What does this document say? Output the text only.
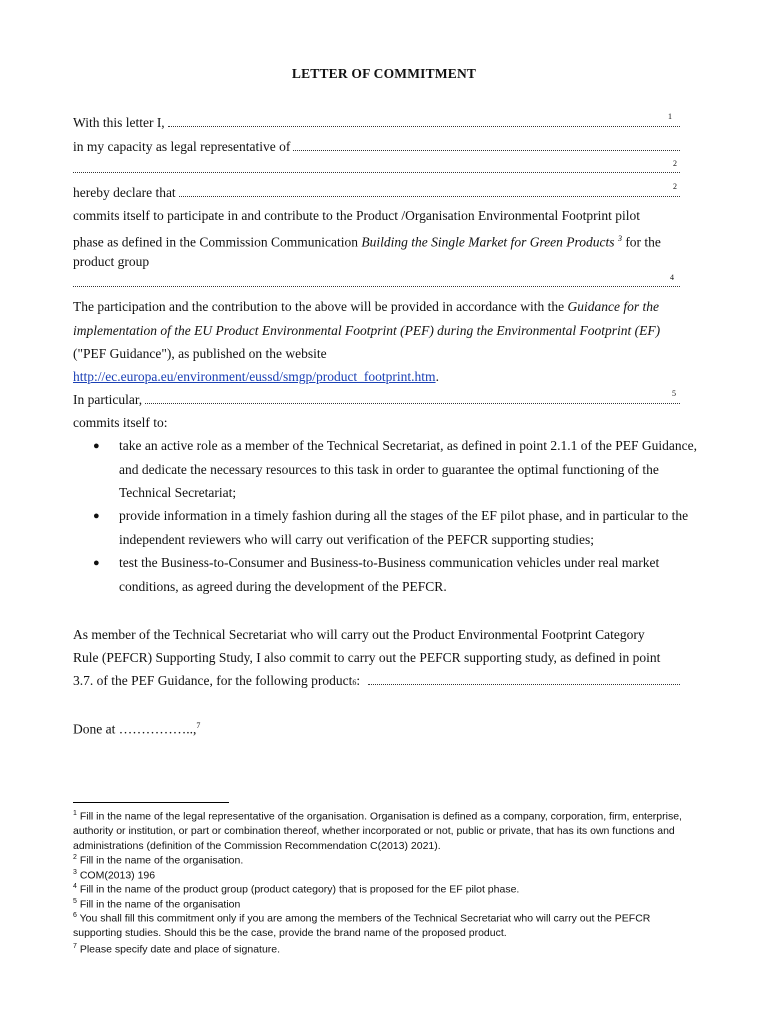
LETTER OF COMMITMENT
With this letter I,	1
in my capacity as legal representative of
2
hereby declare that	2
commits itself to participate in and contribute to the Product /Organisation Environmental Footprint pilot
phase as defined in the Commission Communication Building the Single Market for Green Products $^3$ for the
product group
4
The participation and the contribution to the above will be provided in accordance with the Guidance for the
implementation of the EU Product Environmental Footprint (PEF) during the Environmental Footprint (EF)
("PEF Guidance"), as published on the website
http://ec.europa.eu/environment/eussd/smgp/product_footprint.htm.
In particular,	5
commits itself to:
● take an active role as a member of the Technical Secretariat, as defined in point 2.1.1 of the PEF Guidance, and dedicate the necessary resources to this task in order to guarantee the optimal functioning of the Technical Secretariat;
● provide information in a timely fashion during all the stages of the EF pilot phase, and in particular to the independent reviewers who will carry out verification of the PEFCR supporting studies;
● test the Business-to-Consumer and Business-to-Business communication vehicles under real market conditions, as agreed during the development of the PEFCR.
As member of the Technical Secretariat who will carry out the Product Environmental Footprint Category
Rule (PEFCR) Supporting Study, I also commit to carry out the PEFCR supporting study, as defined in point
3.7. of the PEF Guidance, for the following product 6 :
Done at ……………..,$^7$
$^1$ Fill in the name of the legal representative of the organisation. Organisation is defined as a company, corporation, firm, enterprise, authority or institution, or part or combination thereof, whether incorporated or not, public or private, that has its own functions and administrations (definition of the Commission Recommendation C(2013) 2021).
$^2$ Fill in the name of the organisation.
$^3$ COM(2013) 196
$^4$ Fill in the name of the product group (product category) that is proposed for the EF pilot phase.
$^5$ Fill in the name of the organisation
$^6$ You shall fill this commitment only if you are among the members of the Technical Secretariat who will carry out the PEFCR supporting studies. Should this be the case, provide the brand name of the proposed product.
$^7$ Please specify date and place of signature.
